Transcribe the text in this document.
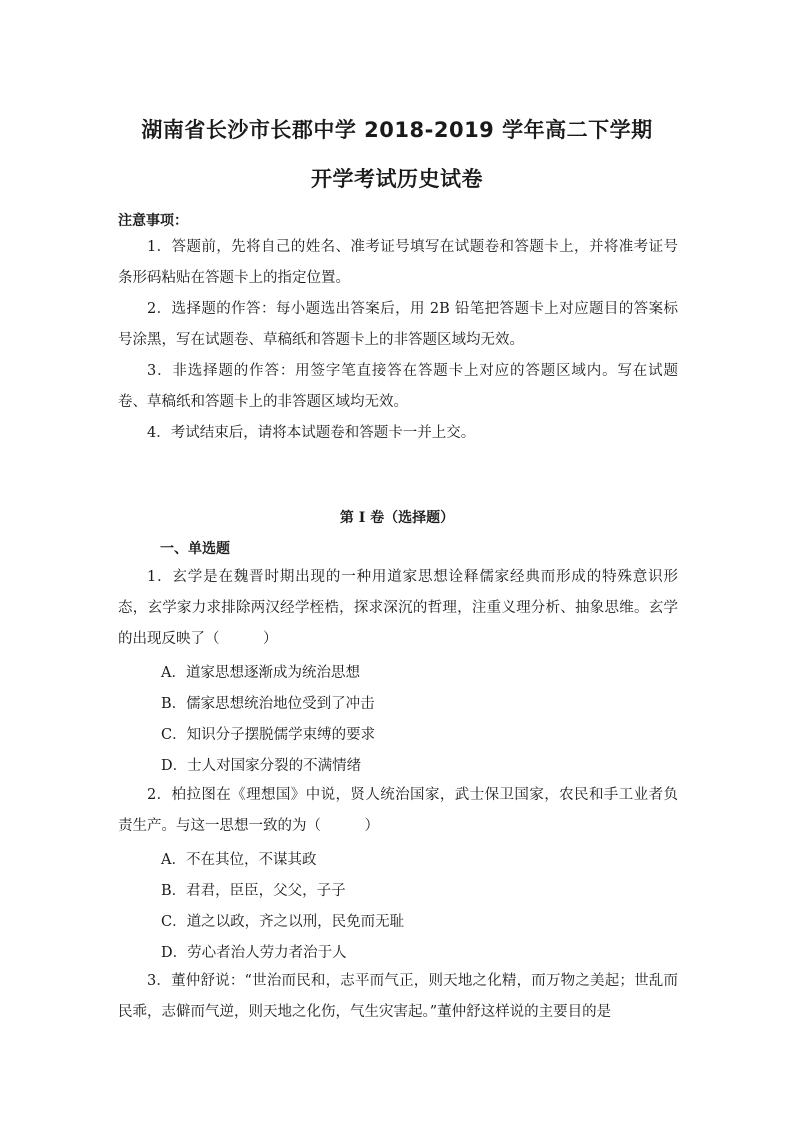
湖南省长沙市长郡中学 2018-2019 学年高二下学期
开学考试历史试卷
注意事项：

1．答题前，先将自己的姓名、准考证号填写在试题卷和答题卡上，并将准考证号条形码粘贴在答题卡上的指定位置。

2．选择题的作答：每小题选出答案后，用 2B 铅笔把答题卡上对应题目的答案标号涂黑，写在试题卷、草稿纸和答题卡上的非答题区域均无效。

3．非选择题的作答：用签字笔直接答在答题卡上对应的答题区域内。写在试题卷、草稿纸和答题卡上的非答题区域均无效。

4．考试结束后，请将本试题卷和答题卡一并上交。

第 I 卷（选择题）
一、单选题

1．玄学是在魏晋时期出现的一种用道家思想诠释儒家经典而形成的特殊意识形态，玄学家力求排除两汉经学桎梏，探求深沉的哲理，注重义理分析、抽象思维。玄学的出现反映了（　　　）

A．道家思想逐渐成为统治思想

B．儒家思想统治地位受到了冲击

C．知识分子摆脱儒学束缚的要求

D．士人对国家分裂的不满情绪

2．柏拉图在《理想国》中说，贤人统治国家，武士保卫国家，农民和手工业者负责生产。与这一思想一致的为（　　　）

A．不在其位，不谋其政

B．君君，臣臣，父父，子子

C．道之以政，齐之以刑，民免而无耻

D．劳心者治人劳力者治于人

3．董仲舒说：“世治而民和，志平而气正，则天地之化精，而万物之美起；世乱而民乖，志僻而气逆，则天地之化伤，气生灾害起。”董仲舒这样说的主要目的是
